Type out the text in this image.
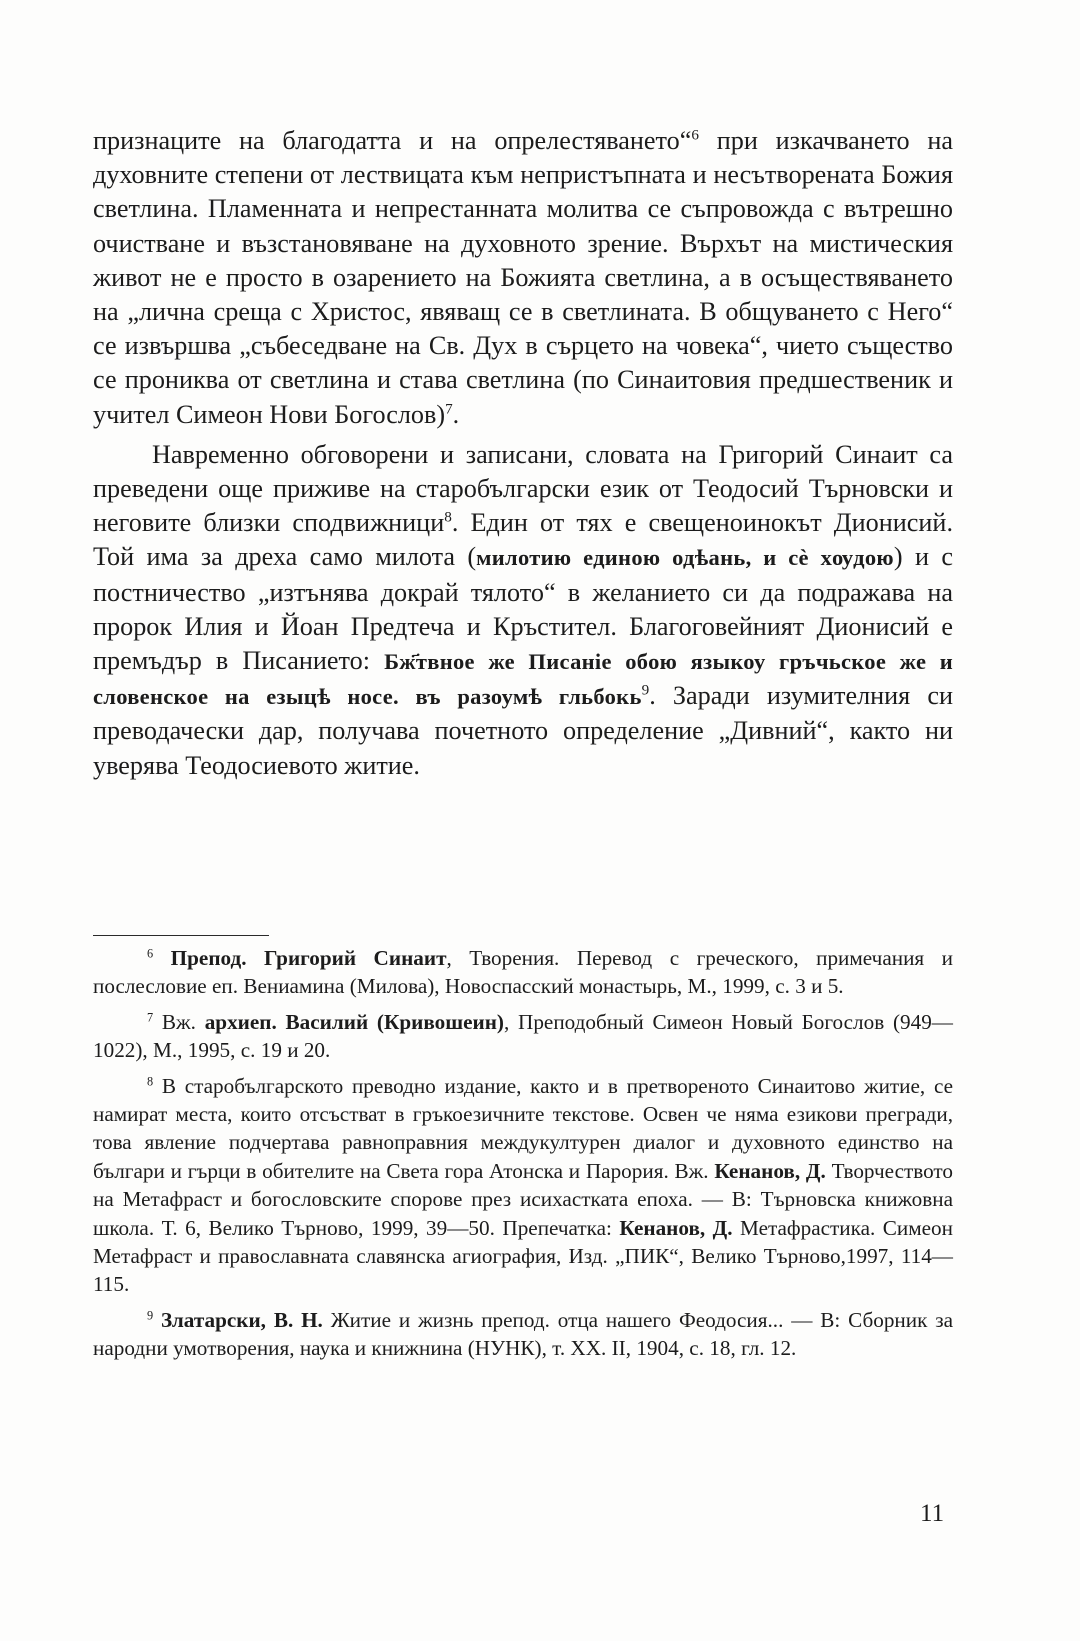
признаците на благодатта и на опрелестяването“$^6$ при изкачването на духовните степени от лествицата към непристъпната и несътворената Божия светлина. Пламенната и непрестанната молитва се съпровожда с вътрешно очистване и възстановяване на духовното зрение. Върхът на мистическия живот не е просто в озарението на Божията светлина, а в осъществяването на „лична среща с Христос, явяващ се в светлината. В общуването с Него“ се извършва „събеседване на Св. Дух в сърцето на човека“, чието същество се прониква от светлина и става светлина (по Синаитовия предшественик и учител Симеон Нови Богослов)$^7$.

Навременно обговорени и записани, словата на Григорий Синаит са преведени още приживе на старобългарски език от Теодосий Търновски и неговите близки сподвижници$^8$. Един от тях е свещеноинокът Дионисий. Той има за дреха само милота (милотию единою одѣань, и сѐ хѹдою) и с постничество „изтънява докрай тялото“ в желанието си да подражава на пророк Илия и Йоан Предтеча и Кръстител. Благоговейният Дионисий е премъдър в Писанието: Бж҃твное же Писаніе обою языкоу гръчьское же и словенское на езыцѣ носе. въ разоумѣ гльбокь$^9$. Заради изумителния си преводачески дар, получава почетното определение „Дивний“, както ни уверява Теодосиевото житие.

$^6$ Препод. Григорий Синаит, Творения. Перевод с греческого, примечания и послесловие еп. Вениамина (Милова), Новоспасский монастырь, М., 1999, с. 3 и 5.

$^7$ Вж. архиеп. Василий (Кривошеин), Преподобный Симеон Новый Богослов (949—1022), М., 1995, с. 19 и 20.

$^8$ В старобългарското преводно издание, както и в претвореното Синаитово житие, се намират места, които отсъстват в гръкоезичните текстове. Освен че няма езикови прегради, това явление подчертава равноправния междукултурен диалог и духовното единство на българи и гърци в обителите на Света гора Атонска и Парория. Вж. Кенанов, Д. Творчеството на Метафраст и богословските спорове през исихастката епоха. — В: Търновска книжовна школа. Т. 6, Велико Търново, 1999, 39—50. Препечатка: Кенанов, Д. Метафрастика. Симеон Метафраст и православната славянска агиография, Изд. „ПИК“, Велико Търново,1997, 114—115.

$^9$ Златарски, В. Н. Житие и жизнь препод. отца нашего Феодосия... — В: Сборник за народни умотворения, наука и книжнина (НУНК), т. XX. II, 1904, с. 18, гл. 12.

11
